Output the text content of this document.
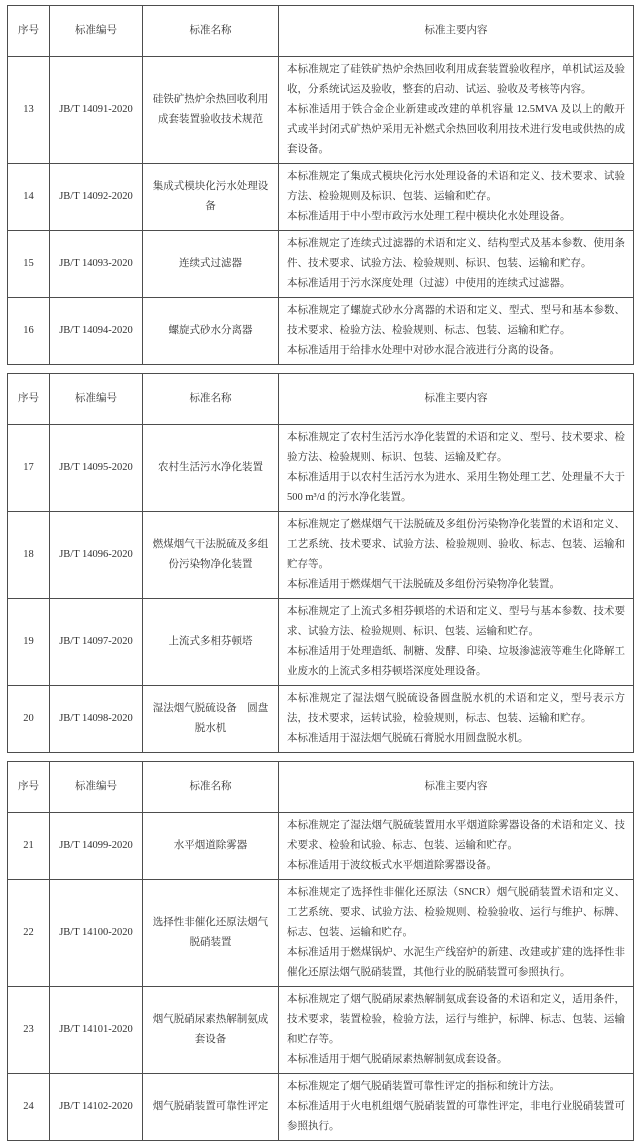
序号	标准编号	标准名称	标准主要内容
13	JB/T 14091-2020	硅铁矿热炉余热回收利用成套装置验收技术规范	本标准规定了硅铁矿热炉余热回收利用成套装置验收程序，单机试运及验收，分系统试运及验收，整套的启动、试运、验收及考核等内容。
本标准适用于铁合金企业新建或改建的单机容量 12.5MVA 及以上的敞开式或半封闭式矿热炉采用无补燃式余热回收利用技术进行发电或供热的成套设备。

14	JB/T 14092-2020	集成式模块化污水处理设备	本标准规定了集成式模块化污水处理设备的术语和定义、技术要求、试验方法、检验规则及标识、包装、运输和贮存。
本标准适用于中小型市政污水处理工程中模块化水处理设备。

15	JB/T 14093-2020	连续式过滤器	本标准规定了连续式过滤器的术语和定义、结构型式及基本参数、使用条件、技术要求、试验方法、检验规则、标识、包装、运输和贮存。
本标准适用于污水深度处理（过滤）中使用的连续式过滤器。

16	JB/T 14094-2020	螺旋式砂水分离器	本标准规定了螺旋式砂水分离器的术语和定义、型式、型号和基本参数、技术要求、检验方法、检验规则、标志、包装、运输和贮存。
本标准适用于给排水处理中对砂水混合液进行分离的设备。
序号	标准编号	标准名称	标准主要内容
17	JB/T 14095-2020	农村生活污水净化装置	本标准规定了农村生活污水净化装置的术语和定义、型号、技术要求、检验方法、检验规则、标识、包装、运输及贮存。
本标准适用于以农村生活污水为进水、采用生物处理工艺、处理量不大于 500 m³/d 的污水净化装置。

18	JB/T 14096-2020	燃煤烟气干法脱硫及多组份污染物净化装置	本标准规定了燃煤烟气干法脱硫及多组份污染物净化装置的术语和定义、工艺系统、技术要求、试验方法、检验规则、验收、标志、包装、运输和贮存等。
本标准适用于燃煤烟气干法脱硫及多组份污染物净化装置。

19	JB/T 14097-2020	上流式多相芬顿塔	本标准规定了上流式多相芬顿塔的术语和定义、型号与基本参数、技术要求、试验方法、检验规则、标识、包装、运输和贮存。
本标准适用于处理造纸、制糖、发酵、印染、垃圾渗滤液等难生化降解工业废水的上流式多相芬顿塔深度处理设备。

20	JB/T 14098-2020	湿法烟气脱硫设备　圆盘脱水机	本标准规定了湿法烟气脱硫设备圆盘脱水机的术语和定义，型号表示方法，技术要求，运转试验，检验规则，标志、包装、运输和贮存。
本标准适用于湿法烟气脱硫石膏脱水用圆盘脱水机。
序号	标准编号	标准名称	标准主要内容
21	JB/T 14099-2020	水平烟道除雾器	本标准规定了湿法烟气脱硫装置用水平烟道除雾器设备的术语和定义、技术要求、检验和试验、标志、包装、运输和贮存。
本标准适用于波纹板式水平烟道除雾器设备。

22	JB/T 14100-2020	选择性非催化还原法烟气脱硝装置	本标准规定了选择性非催化还原法（SNCR）烟气脱硝装置术语和定义、工艺系统、要求、试验方法、检验规则、检验验收、运行与维护、标牌、标志、包装、运输和贮存。
本标准适用于燃煤锅炉、水泥生产线窑炉的新建、改建或扩建的选择性非催化还原法烟气脱硝装置，其他行业的脱硝装置可参照执行。

23	JB/T 14101-2020	烟气脱硝尿素热解制氨成套设备	本标准规定了烟气脱硝尿素热解制氨成套设备的术语和定义，适用条件，技术要求，装置检验，检验方法，运行与维护，标牌、标志、包装、运输和贮存等。
本标准适用于烟气脱硝尿素热解制氨成套设备。

24	JB/T 14102-2020	烟气脱硝装置可靠性评定	本标准规定了烟气脱硝装置可靠性评定的指标和统计方法。
本标准适用于火电机组烟气脱硝装置的可靠性评定，非电行业脱硝装置可参照执行。
